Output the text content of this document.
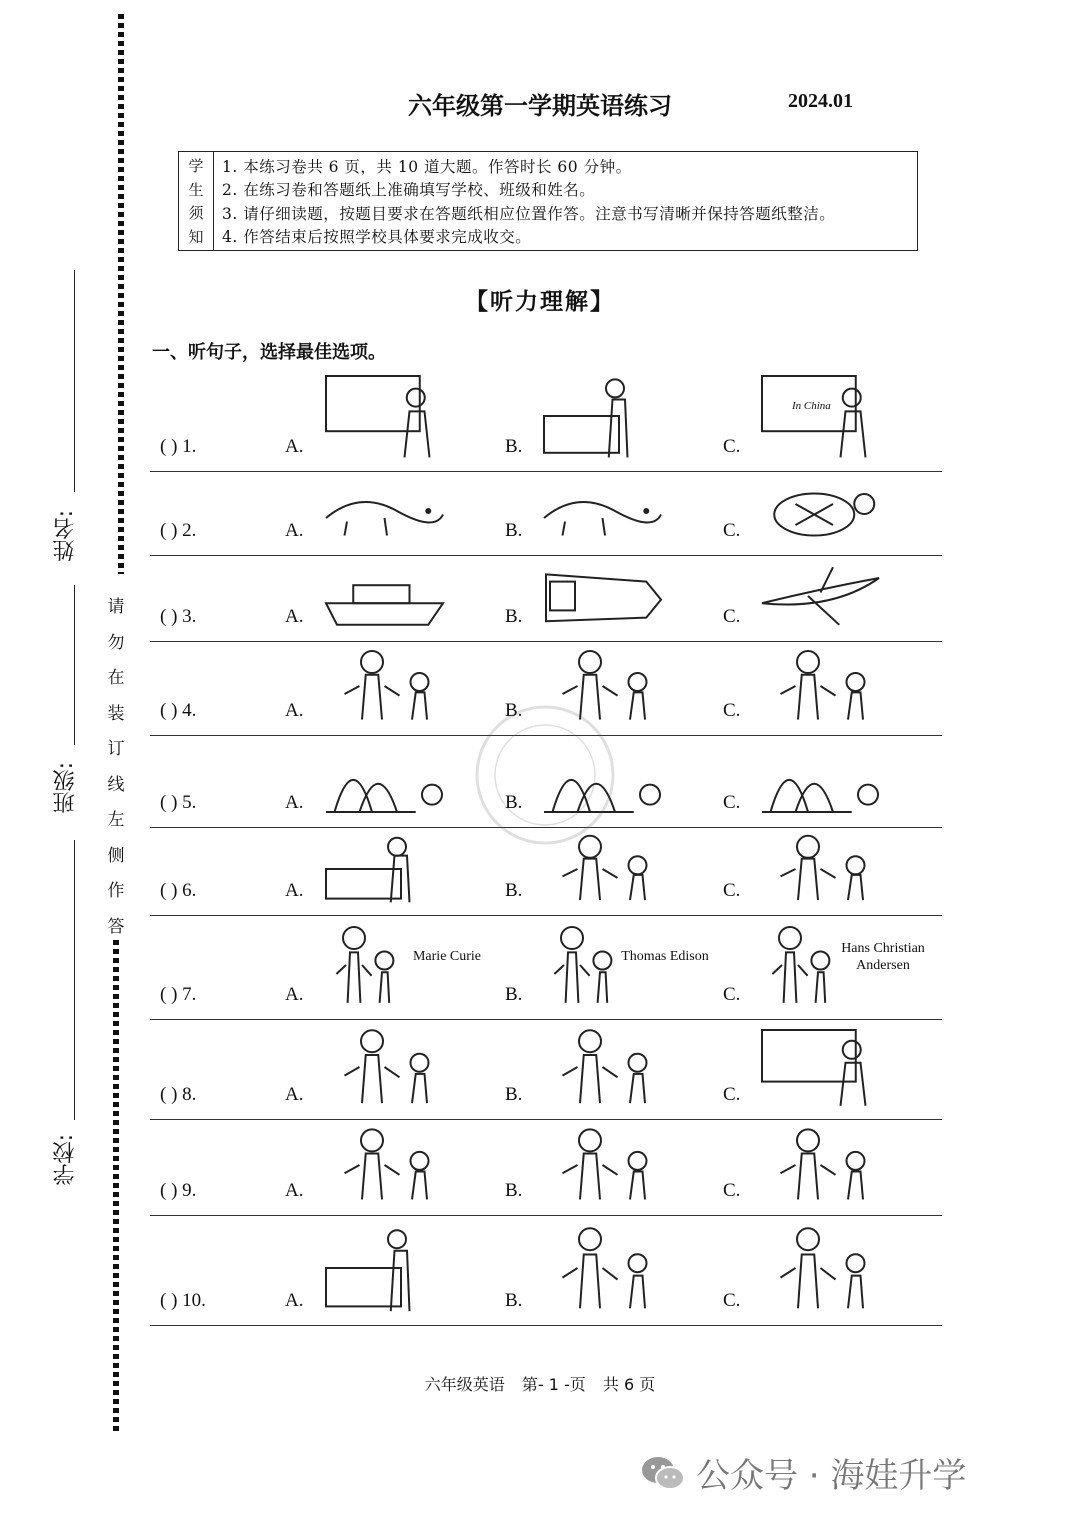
请
勿
在
装
订
线
左
侧
作
答
姓名:
班级:
学校:
六年级第一学期英语练习	2024.01
学
生
须
知
1. 本练习卷共 6 页，共 10 道大题。作答时长 60 分钟。
2. 在练习卷和答题纸上准确填写学校、班级和姓名。
3. 请仔细读题，按题目要求在答题纸相应位置作答。注意书写清晰并保持答题纸整洁。
4. 作答结束后按照学校具体要求完成收交。
【听力理解】
一、听句子，选择最佳选项。
( ) 1.	A.	B.	C.
In China
( ) 2.	A.	B.	C.
( ) 3.	A.	B.	C.
( ) 4.	A.	B.	C.
( ) 5.	A.	B.	C.
( ) 6.	A.	B.	C.
( ) 7.	A.
Marie Curie
B.
Thomas Edison
C.
Hans Christian Andersen
( ) 8.	A.	B.	C.
( ) 9.	A.	B.	C.
( ) 10.	A.	B.	C.
六年级英语 第- 1 -页 共 6 页
公众号 · 海娃升学
